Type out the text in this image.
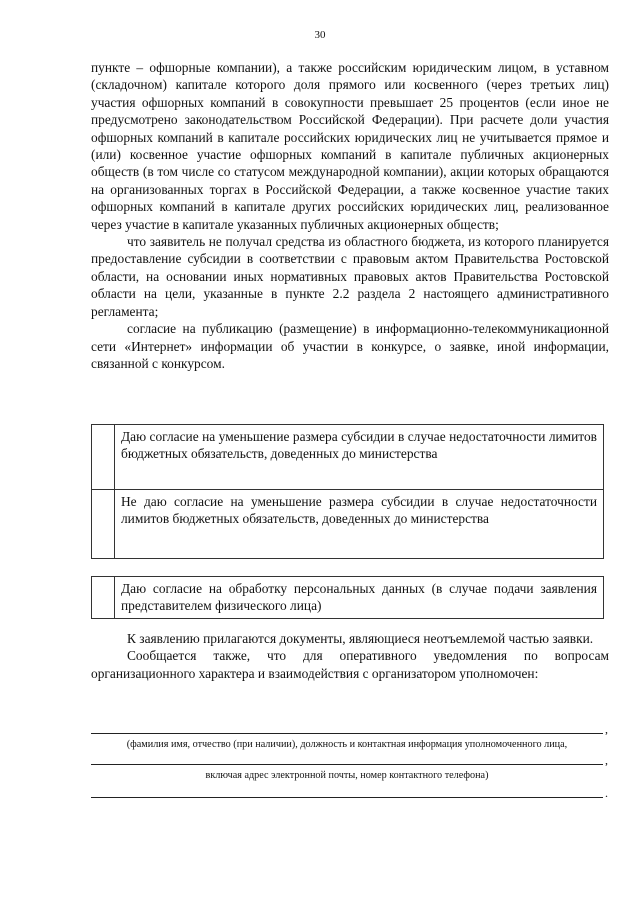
30

пункте – офшорные компании), а также российским юридическим лицом, в уставном (складочном) капитале которого доля прямого или косвенного (через третьих лиц) участия офшорных компаний в совокупности превышает 25 процентов (если иное не предусмотрено законодательством Российской Федерации). При расчете доли участия офшорных компаний в капитале российских юридических лиц не учитывается прямое и (или) косвенное участие офшорных компаний в капитале публичных акционерных обществ (в том числе со статусом международной компании), акции которых обращаются на организованных торгах в Российской Федерации, а также косвенное участие таких офшорных компаний в капитале других российских юридических лиц, реализованное через участие в капитале указанных публичных акционерных обществ;

что заявитель не получал средства из областного бюджета, из которого планируется предоставление субсидии в соответствии с правовым актом Правительства Ростовской области, на основании иных нормативных правовых актов Правительства Ростовской области на цели, указанные в пункте 2.2 раздела 2 настоящего административного регламента;

согласие на публикацию (размещение) в информационно-телекоммуникационной сети «Интернет» информации об участии в конкурсе, о заявке, иной информации, связанной с конкурсом.

	Даю согласие на уменьшение размера субсидии в случае недостаточности лимитов бюджетных обязательств, доведенных до министерства
	Не даю согласие на уменьшение размера субсидии в случае недостаточности лимитов бюджетных обязательств, доведенных до министерства
	Даю согласие на обработку персональных данных (в случае подачи заявления представителем физического лица)

К заявлению прилагаются документы, являющиеся неотъемлемой частью заявки.

Сообщается также, что для оперативного уведомления по вопросам организационного характера и взаимодействия с организатором уполномочен:

,
(фамилия имя, отчество (при наличии), должность и контактная информация уполномоченного лица,
,
включая адрес электронной почты, номер контактного телефона)
.
